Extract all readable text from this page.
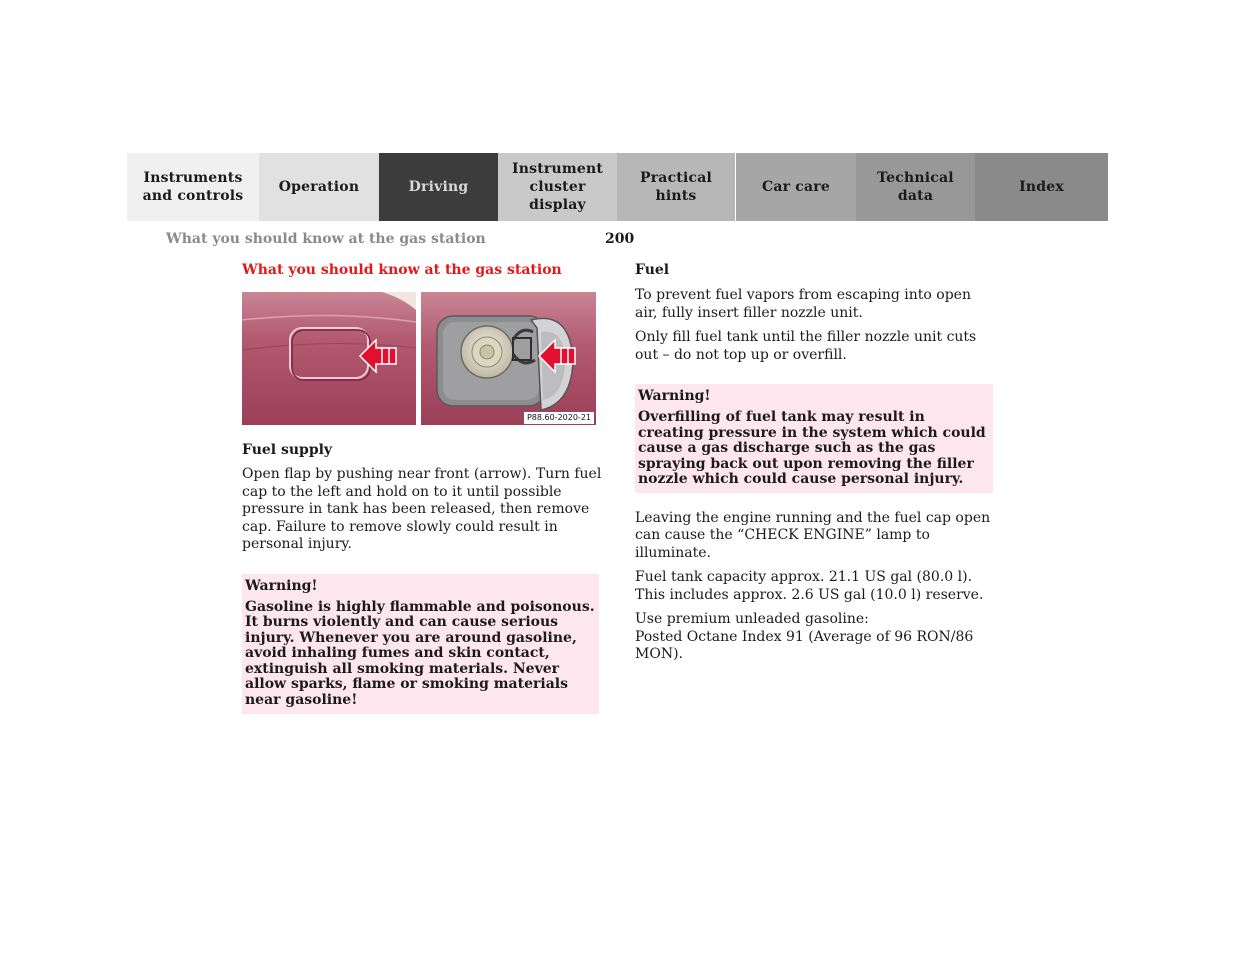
Instruments
and controls
Operation	Driving
Instrument
cluster display
Practical hints
Car care
Technical
data
Index
What you should know at the gas station	200
What you should know at the gas station
P88.60-2020-21
Fuel supply

Open flap by pushing near front (arrow). Turn fuel cap to the left and hold on to it until possible pressure in tank has been released, then remove cap. Failure to remove slowly could result in personal injury.

Warning!
Gasoline is highly flammable and poisonous. It burns violently and can cause serious injury. Whenever you are around gasoline, avoid inhaling fumes and skin contact, extinguish all smoking materials. Never allow sparks, flame or smoking materials near gasoline!
Fuel

To prevent fuel vapors from escaping into open air, fully insert filler nozzle unit.

Only fill fuel tank until the filler nozzle unit cuts out – do not top up or overfill.

Warning!
Overfilling of fuel tank may result in creating pressure in the system which could cause a gas discharge such as the gas spraying back out upon removing the filler nozzle which could cause personal injury.

Leaving the engine running and the fuel cap open can cause the “CHECK ENGINE” lamp to illuminate.

Fuel tank capacity approx. 21.1 US gal (80.0 l).
This includes approx. 2.6 US gal (10.0 l) reserve.

Use premium unleaded gasoline:
Posted Octane Index 91 (Average of 96 RON/86 MON).
